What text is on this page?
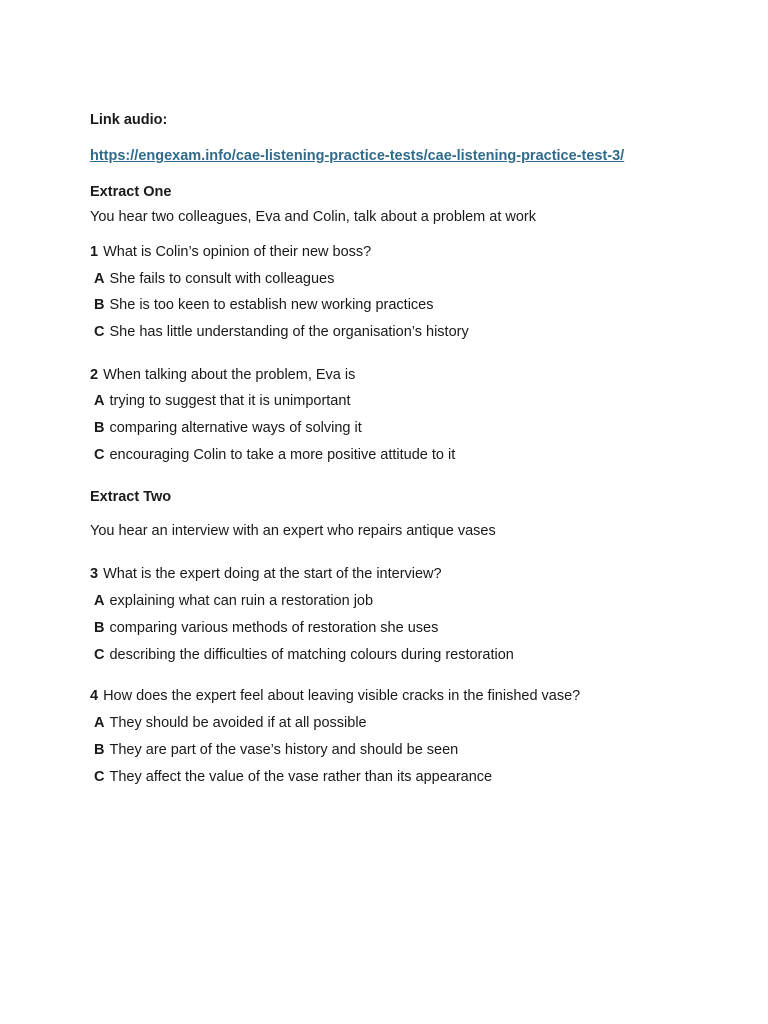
Link audio:
https://engexam.info/cae-listening-practice-tests/cae-listening-practice-test-3/
Extract One
You hear two colleagues, Eva and Colin, talk about a problem at work
1 What is Colin’s opinion of their new boss?
A She fails to consult with colleagues
B She is too keen to establish new working practices
C She has little understanding of the organisation’s history
2 When talking about the problem, Eva is
A trying to suggest that it is unimportant
B comparing alternative ways of solving it
C encouraging Colin to take a more positive attitude to it
Extract Two
You hear an interview with an expert who repairs antique vases
3 What is the expert doing at the start of the interview?
A explaining what can ruin a restoration job
B comparing various methods of restoration she uses
C describing the difficulties of matching colours during restoration
4 How does the expert feel about leaving visible cracks in the finished vase?
A They should be avoided if at all possible
B They are part of the vase’s history and should be seen
C They affect the value of the vase rather than its appearance
